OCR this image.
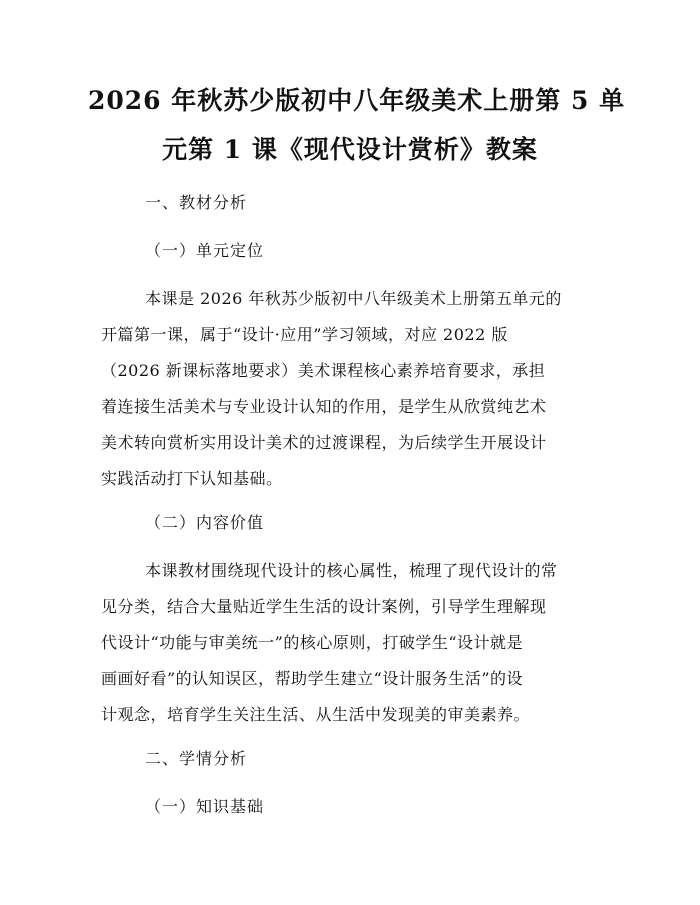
2026 年秋苏少版初中八年级美术上册第 5 单
元第 1 课《现代设计赏析》教案
一、教材分析
（一）单元定位
本课是 2026 年秋苏少版初中八年级美术上册第五单元的
开篇第一课，属于“设计·应用”学习领域，对应 2022 版
（2026 新课标落地要求）美术课程核心素养培育要求，承担
着连接生活美术与专业设计认知的作用，是学生从欣赏纯艺术
美术转向赏析实用设计美术的过渡课程，为后续学生开展设计
实践活动打下认知基础。
（二）内容价值
本课教材围绕现代设计的核心属性，梳理了现代设计的常
见分类，结合大量贴近学生生活的设计案例，引导学生理解现
代设计“功能与审美统一”的核心原则，打破学生“设计就是
画画好看”的认知误区，帮助学生建立“设计服务生活”的设
计观念，培育学生关注生活、从生活中发现美的审美素养。
二、学情分析
（一）知识基础
